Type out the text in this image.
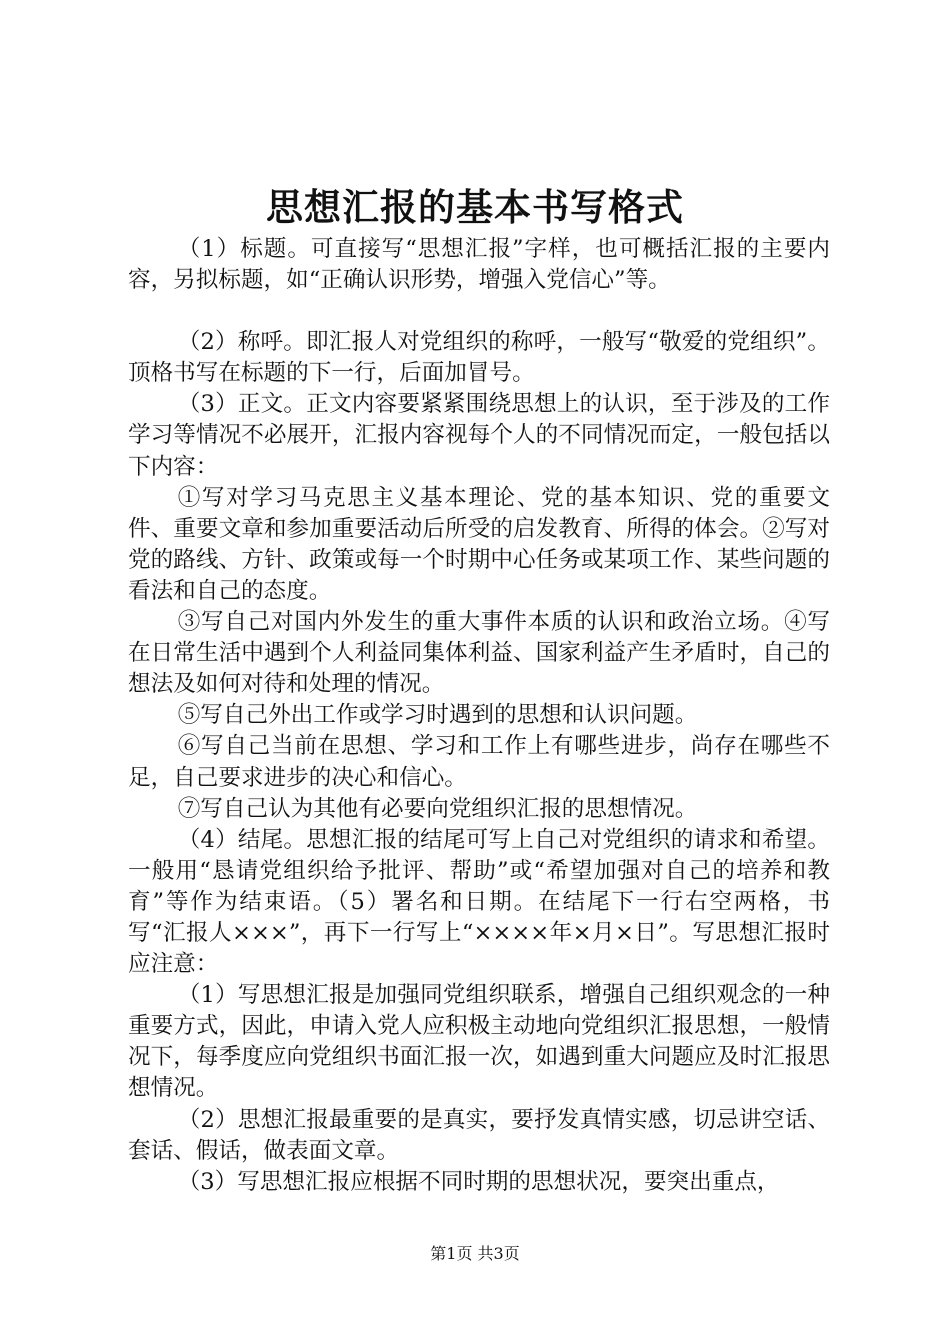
思想汇报的基本书写格式

（1）标题。可直接写“思想汇报”字样，也可概括汇报的主要内容，另拟标题，如“正确认识形势，增强入党信心”等。

（2）称呼。即汇报人对党组织的称呼，一般写“敬爱的党组织”。顶格书写在标题的下一行，后面加冒号。

（3）正文。正文内容要紧紧围绕思想上的认识，至于涉及的工作学习等情况不必展开，汇报内容视每个人的不同情况而定，一般包括以下内容：

①写对学习马克思主义基本理论、党的基本知识、党的重要文件、重要文章和参加重要活动后所受的启发教育、所得的体会。②写对党的路线、方针、政策或每一个时期中心任务或某项工作、某些问题的看法和自己的态度。

③写自己对国内外发生的重大事件本质的认识和政治立场。④写在日常生活中遇到个人利益同集体利益、国家利益产生矛盾时，自己的想法及如何对待和处理的情况。

⑤写自己外出工作或学习时遇到的思想和认识问题。

⑥写自己当前在思想、学习和工作上有哪些进步，尚存在哪些不足，自己要求进步的决心和信心。

⑦写自己认为其他有必要向党组织汇报的思想情况。

（4）结尾。思想汇报的结尾可写上自己对党组织的请求和希望。一般用“恳请党组织给予批评、帮助”或“希望加强对自己的培养和教育”等作为结束语。（5）署名和日期。在结尾下一行右空两格，书写“汇报人×××”，再下一行写上“××××年×月×日”。写思想汇报时应注意：

（1）写思想汇报是加强同党组织联系，增强自己组织观念的一种重要方式，因此，申请入党人应积极主动地向党组织汇报思想，一般情况下，每季度应向党组织书面汇报一次，如遇到重大问题应及时汇报思想情况。

（2）思想汇报最重要的是真实，要抒发真情实感，切忌讲空话、套话、假话，做表面文章。

（3）写思想汇报应根据不同时期的思想状况，要突出重点，

第1页 共3页
